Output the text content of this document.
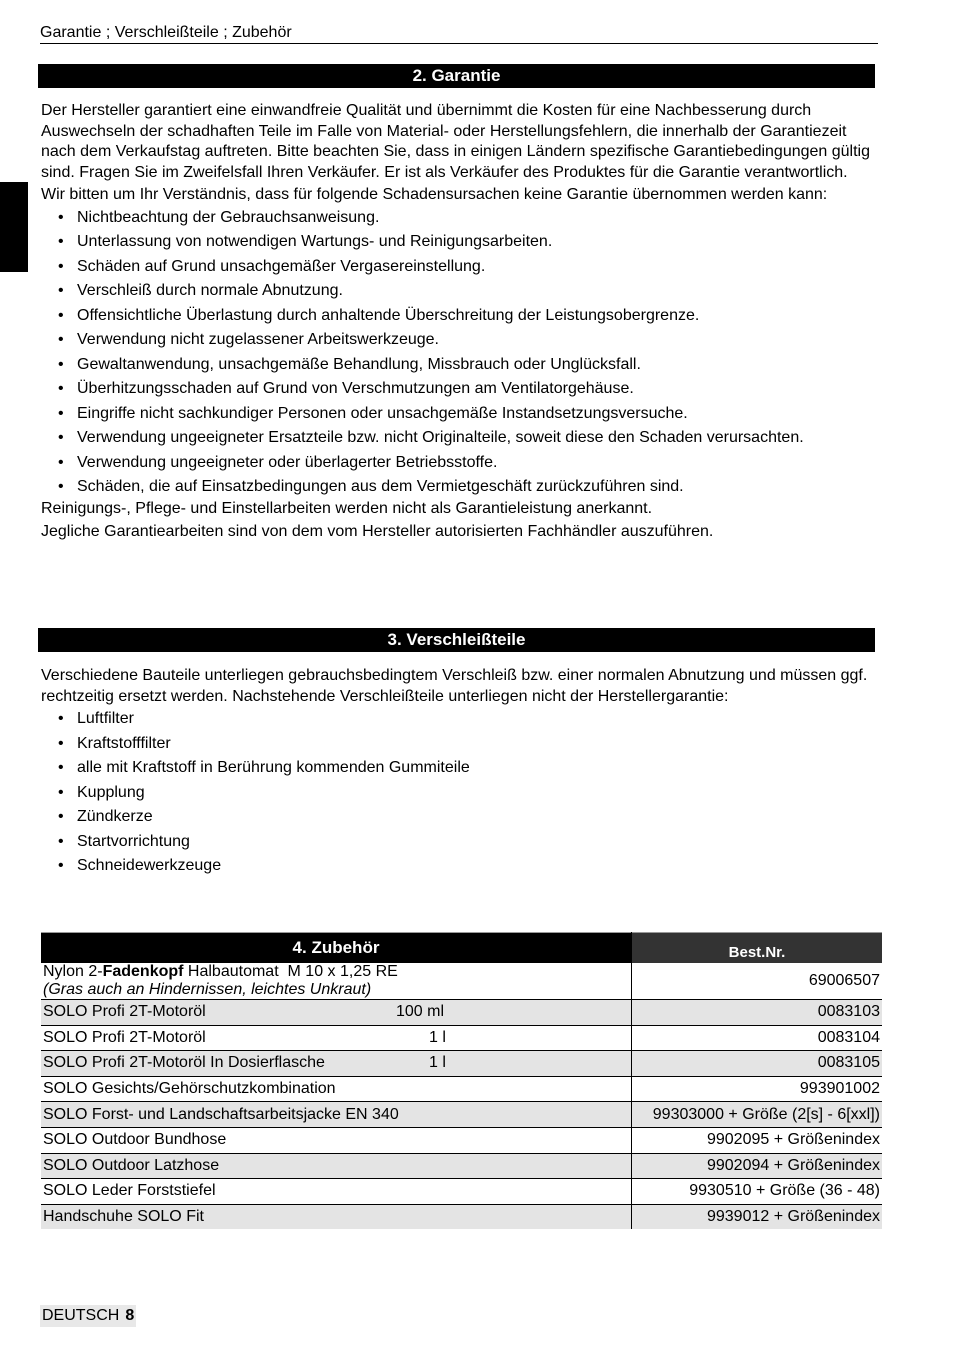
Garantie ; Verschleißteile ; Zubehör
2. Garantie

Der Hersteller garantiert eine einwandfreie Qualität und übernimmt die Kosten für eine Nachbesserung durch Auswechseln der schadhaften Teile im Falle von Material- oder Herstellungsfehlern, die innerhalb der Garantiezeit nach dem Verkaufstag auftreten. Bitte beachten Sie, dass in einigen Ländern spezifische Garantiebedingungen gültig sind. Fragen Sie im Zweifelsfall Ihren Verkäufer. Er ist als Verkäufer des Produktes für die Garantie verantwortlich.

Wir bitten um Ihr Verständnis, dass für folgende Schadensursachen keine Garantie übernommen werden kann:

• Nichtbeachtung der Gebrauchsanweisung.
• Unterlassung von notwendigen Wartungs- und Reinigungsarbeiten.
• Schäden auf Grund unsachgemäßer Vergasereinstellung.
• Verschleiß durch normale Abnutzung.
• Offensichtliche Überlastung durch anhaltende Überschreitung der Leistungsobergrenze.
• Verwendung nicht zugelassener Arbeitswerkzeuge.
• Gewaltanwendung, unsachgemäße Behandlung, Missbrauch oder Unglücksfall.
• Überhitzungsschaden auf Grund von Verschmutzungen am Ventilatorgehäuse.
• Eingriffe nicht sachkundiger Personen oder unsachgemäße Instandsetzungsversuche.
• Verwendung ungeeigneter Ersatzteile bzw. nicht Originalteile, soweit diese den Schaden verursachten.
• Verwendung ungeeigneter oder überlagerter Betriebsstoffe.
• Schäden, die auf Einsatzbedingungen aus dem Vermietgeschäft zurückzuführen sind.

Reinigungs-, Pflege- und Einstellarbeiten werden nicht als Garantieleistung anerkannt.

Jegliche Garantiearbeiten sind von dem vom Hersteller autorisierten Fachhändler auszuführen.

3. Verschleißteile

Verschiedene Bauteile unterliegen gebrauchsbedingtem Verschleiß bzw. einer normalen Abnutzung und müssen ggf. rechtzeitig ersetzt werden. Nachstehende Verschleißteile unterliegen nicht der Herstellergarantie:

• Luftfilter
• Kraftstofffilter
• alle mit Kraftstoff in Berührung kommenden Gummiteile
• Kupplung
• Zündkerze
• Startvorrichtung
• Schneidewerkzeuge
4. Zubehör	Best.Nr.

Nylon 2-Fadenkopf Halbautomat  M 10 x 1,25 RE
(Gras auch an Hindernissen, leichtes Unkraut)	69006507

SOLO Profi 2T-Motoröl 100 ml	0083103

SOLO Profi 2T-Motoröl 1 l	0083104

SOLO Profi 2T-Motoröl In Dosierflasche 1 l	0083105

SOLO Gesichts/Gehörschutzkombination	993901002

SOLO Forst- und Landschaftsarbeitsjacke EN 340	99303000 + Größe (2[s] - 6[xxl])

SOLO Outdoor Bundhose	9902095 + Größenindex

SOLO Outdoor Latzhose	9902094 + Größenindex

SOLO Leder Forststiefel	9930510 + Größe (36 - 48)

Handschuhe SOLO Fit	9939012 + Größenindex
DEUTSCH 8
